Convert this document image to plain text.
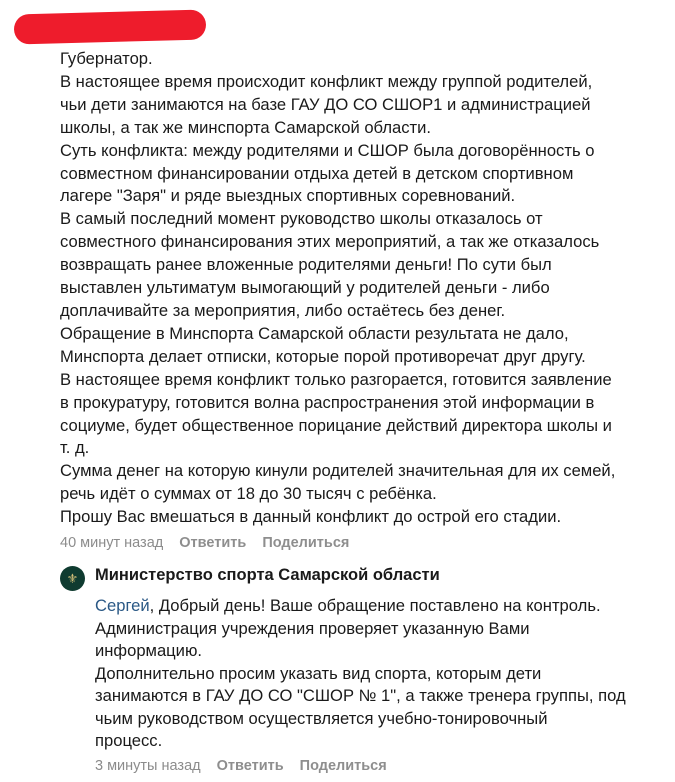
Губернатор.
В настоящее время происходит конфликт между группой родителей,
чьи дети занимаются на базе ГАУ ДО СО СШОР1 и администрацией
школы, а так же минспорта Самарской области.
Суть конфликта: между родителями и СШОР была договорённость о
совместном финансировании отдыха детей в детском спортивном
лагере "Заря" и ряде выездных спортивных соревнований.
В самый последний момент руководство школы отказалось от
совместного финансирования этих мероприятий, а так же отказалось
возвращать ранее вложенные родителями деньги! По сути был
выставлен ультиматум вымогающий у родителей деньги - либо
доплачивайте за мероприятия, либо остаётесь без денег.
Обращение в Минспорта Самарской области результата не дало,
Минспорта делает отписки, которые порой противоречат друг другу.
В настоящее время конфликт только разгорается, готовится заявление
в прокуратуру, готовится волна распространения этой информации в
социуме, будет общественное порицание действий директора школы и
т. д.
Сумма денег на которую кинули родителей значительная для их семей,
речь идёт о суммах от 18 до 30 тысяч с ребёнка.
Прошу Вас вмешаться в данный конфликт до острой его стадии.
40 минут назад Ответить Поделиться
⚜ Министерство спорта Самарской области
Сергей, Добрый день! Ваше обращение поставлено на контроль.
Администрация учреждения проверяет указанную Вами
информацию.
Дополнительно просим указать вид спорта, которым дети
занимаются в ГАУ ДО СО "СШОР № 1", а также тренера группы, под
чьим руководством осуществляется учебно-тонировочный
процесс.
3 минуты назад Ответить Поделиться
